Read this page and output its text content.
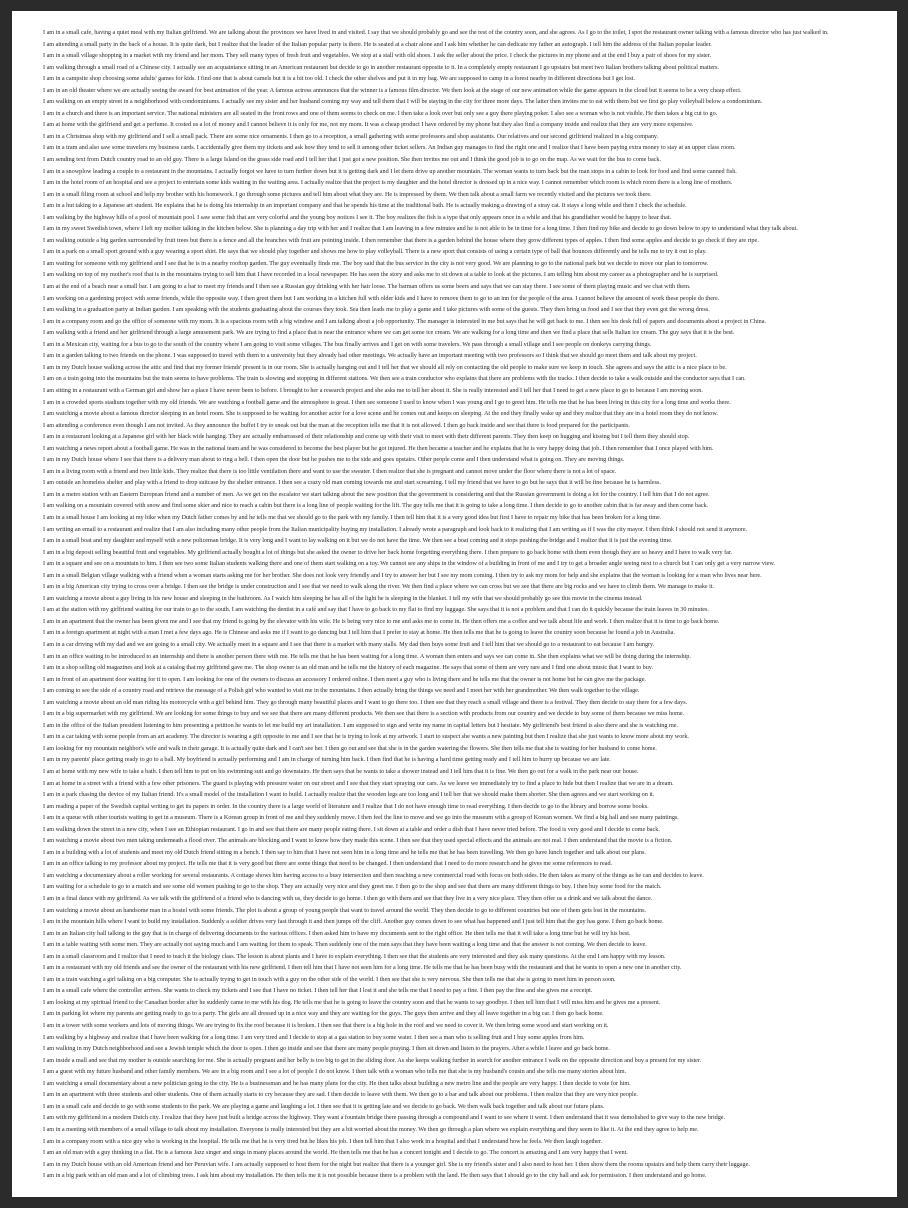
I am in a small cafe, having a quiet meal with my Italian girlfriend. We are talking about the provinces we have lived in and visited. I say that we should probably go and see the rest of the country soon, and she agrees. As I go to the toilet, I spot the restaurant owner talking with a famous director who has just walked in.
I am attending a small party in the back of a house. It is quite dark, but I realize that the leader of the Italian popular party is there. He is seated at a chair alone and I ask him whether he can dedicate my father an autograph. I tell him the address of the Italian popular leader.
I am in a small village shopping in a market with my friend and her mom. They sell many types of fresh fruit and vegetables. We stop at a stall with old shoes. I ask the seller about the price. I check the pictures in my phone and at the end I buy a pair of shoes for my sister.
I am walking through a small road of a Chinese city. I actually see an acquaintance sitting in an American restaurant but decide to go in another restaurant opposite to it. In a completely empty restaurant I go upstairs but meet two Italian brothers talking about political matters.
I am in a campsite shop choosing some adults' games for kids. I find one that is about camels but it is a bit too old. I check the other shelves and put it in my bag. We are supposed to camp in a forest nearby in different directions but I get lost.
I am in an old theater where we are actually seeing the award for best animation of the year. A famous actress announces that the winner is a famous film director. We then look at the stage of our new animation while the game appears in the cloud but it seems to be a very cheap effect.
I am walking on an empty street in a neighborhood with condominiums. I actually see my sister and her husband coming my way and tell them that I will be staying in the city for three more days. The latter then invites me to eat with them but we first go play volleyball below a condominium.
I am in a church and there is an important service. The national ministers are all seated in the front rows and one of them seems to check on me. I then take a look over but only see a guy there playing poker. I also see a woman who is not visible. He then takes a big cut to go.
I am at home with the girlfriend and get a perfume. It costed us a lot of money and I cannot believe it is only for me, not my mom. It was a cheap product I have ordered by my phone but they also find a company inside and realize that they are very more expensive.
I am in a Christmas shop with my girlfriend and I sell a small pack. There are some nice ornaments. I then go to a reception, a small gathering with some professors and shop assistants. Our relatives and our second girlfriend realized in a big company.
I am in a tram and also saw some travelers my business cards. I accidentally give them my tickets and ask how they tend to sell it among other ticket sellers. An Indian guy manages to find the right one and I realize that I have been paying extra money to stay at an upper class room.
I am sending text from Dutch country road to an old guy. There is a large Island on the grass side road and I tell her that I just got a new position. She then invites me out and I think the good job is to go on the map. As we wait for the bus to come back.
I am in a snowplow leading a couple to a restaurant in the mountains. I actually forgot we have to turn further down but it is getting dark and I let them drive up another mountain. The woman wants to turn back but the man stops in a cabin to look for food and find some canned fish.
I am in the hotel room of an hospital and see a project to entertain some kids waiting in the waiting area. I actually realize that the project is my daughter and the hotel director is dressed up in a nice way. I cannot remember which room is which room there is a long line of mothers.
I am in a small filing room at school and help my brother with his homework. I go through some pictures and tell him about what they are. He is impressed by them. We then talk about a small farm we recently visited and the pictures we took there.
I am in a hut taking to a Japanese art student. He explains that he is doing his internship in an important company and that he spends his time at the traditional bath. He is actually making a drawing of a stray cat. It stays a long while and then I check the schedule.
I am walking by the highway hills of a pool of mountain pool. I saw some fish that are very colorful and the young boy notices I see it. The boy realizes the fish is a type that only appears once in a while and that his grandfather would be happy to hear that.
I am in my sweet Swedish town, where I left my mother talking in the kitchen below. She is planning a day trip with her and I realize that I am leaving in a few minutes and he is not able to be in time for a long time. I then find my bike and decide to go down below to spy to understand what they talk about.
I am walking outside a big garden surrounded by fruit trees but there is a fence and all the branches with fruit are pointing inside. I then remember that there is a garden behind the house where they grow different types of apples. I then find some apples and decide to go check if they are ripe.
I am in a park on a small sport ground with a guy wearing a sport shirt. He says that we should play together and shows me how to play volleyball. There is a new sport that consists of using a certain type of ball that bounces differently and he tells me to try it out to play.
I am waiting for someone with my girlfriend and I see that he is in a nearby rooftop garden. The guy eventually finds me. The boy said that the bus service in the city is not very good. We are planning to go to the national park but we decide to move our plan to tomorrow.
I am walking on top of my mother's roof that is in the mountains trying to sell him that I have recorded in a local newspaper. He has seen the story and asks me to sit down at a table to look at the pictures. I am telling him about my career as a photographer and he is surprised.
I am at the end of a beach near a small bar. I am going to a bar to meet my friends and I then see a Russian guy drinking with her hair loose. The barman offers us some beers and says that we can stay there. I see some of them playing music and we chat with them.
I am working on a gardening project with some friends, while the opposite way. I then greet them but I am working in a kitchen full with older kids and I have to remove them to go to an inn for the people of the area. I cannot believe the amount of work these people do there.
I am walking in a graduation party at Indian garden. I am speaking with the students graduating about the courses they took. Sea then leads me to play a game and I take pictures with some of the guests. They then bring us food and I see that they even got the wrong dress.
I am in a company room and go the office of someone with my mom. It is a spacious room with a big window and I am talking about a job opportunity. The manager is interested in me but says that he will get back to me. I then see his desk full of papers and documents about a project in China.
I am walking with a friend and her girlfriend through a large amusement park. We are trying to find a place that is near the entrance where we can get some ice cream. We are walking for a long time and then we find a place that sells Italian ice cream. The guy says that it is the best.
I am in a Mexican city, waiting for a bus to go to the south of the country where I am going to visit some villages. The bus finally arrives and I get on with some travelers. We pass through a small village and I see people on donkeys carrying things.
I am in a garden talking to two friends on the phone. I was supposed to travel with them to a university but they already had other meetings. We actually have an important meeting with two professors so I think that we should go meet them and talk about my project.
I am in my Dutch house walking across the attic and find that my former friends' present is in our room. She is actually hanging out and I tell her that we should all rely on contacting the old people to make sure we keep in touch. She agrees and says the attic is a nice place to be.
I am on a train going into the mountains but the train seems to have problems. The train is slowing and stopping in different stations. We then see a train conductor who explains that there are problems with the tracks. I then decide to take a walk outside and the conductor says that I can.
I am sitting in a restaurant with a German girl and show her a place I have never been to before. I brought to her a research project and she asks me to tell her about it. She is really interested and I tell her that I need to get a new place to go to because I am moving soon.
I am in a crowded sports stadium together with my old friends. We are watching a football game and the atmosphere is great. I then see someone I used to know when I was young and I go to greet him. He tells me that he has been living in this city for a long time and works there.
I am watching a movie about a famous director sleeping in an hotel room. She is supposed to be waiting for another actor for a love scene and he comes out and keeps on sleeping. At the end they finally wake up and they realize that they are in a hotel room they do not know.
I am attending a conference even though I am not invited. As they announce the buffet I try to sneak out but the man at the reception tells me that it is not allowed. I then go back inside and see that there is food prepared for the participants.
I am in a restaurant looking at a Japanese girl with her black wide hanging. They are actually embarrassed of their relationship and come up with their visit to meet with their different parents. They then keep on hugging and kissing but I tell them they should stop.
I am watching a news report about a football game. He was in the national team and he was considered to become the best player but he got injured. He then became a teacher and he explains that he is very happy doing that job. I then remember that I once played with him.
I am in my Dutch house where I see that there is a delivery man about to ring a bell. I then open the door but he pushes me to the side and goes upstairs. Other people come and I then understand what is going on. They are moving things.
I am in a living room with a friend and two little kids. They realize that there is too little ventilation there and want to use the sweater. I then realize that she is pregnant and cannot move under the floor where there is not a lot of space.
I am outside an homeless shelter and play with a friend to drop suitcase by the shelter entrance. I then see a crazy old man coming towards me and start screaming. I tell my friend that we have to go but he says that it will be fine because he is harmless.
I am in a metro station with an Eastern European friend and a number of men. As we get on the escalator we start talking about the new position that the government is considering and that the Russian government is doing a lot for the country. I tell him that I do not agree.
I am walking on a mountain covered with snow and find some skier and nice to reach a cabin but there is a long line of people waiting for the lift. The guy tells me that it is going to take a long time. I then decide to go to another cabin that is far away and then come back.
I am in a small house I am looking at my bike when my Dutch father comes by and he tells me that we should go to the park with my family. I then tell him that it is a very good idea but first I have to repair my bike that has been broken for a long time.
I am writing an email to a restaurant and realize that I am also including many other people from the Italian municipality buying my installation. I already wrote a paragraph and look back to it realizing that I am writing as if I was the city mayor. I then think I should not send it anymore.
I am in a small boat and my daughter and myself with a new policeman bridge. It is very long and I want to lay walking on it but we do not have the time. We then see a boat coming and it stops pushing the bridge and I realize that it is just the evening time.
I am in a big deposit selling beautiful fruit and vegetables. My girlfriend actually bought a lot of things but she asked the owner to drive her back home forgetting everything there. I then prepare to go back home with them even though they are so heavy and I have to walk very far.
I am in a square and see on a mountain to him. I then see two some Italian students walking there and one of them start walking on a toy. We cannot see any ships in the window of a building in front of me and I try to get a broader angle seeing next to a church but I can only get a very narrow view.
I am in a small Belgian village walking with a friend when a woman starts asking me for her brother. She does not look very friendly and I try to answer her but I see my mom coming. I then try to ask my mom for help and she explains that the woman is looking for a man who lives near here.
I am in a big American city trying to cross over a bridge. I then see the bridge is under construction and I see that we need to walk along the river. We then find a place where we can cross but we see that there are big rocks and we have to climb them. We manage to make it.
I am watching a movie about a guy living in his new house and sleeping in the bathroom. As I watch him sleeping he has all of the light he is sleeping in the blanket. I tell my wife that we should probably go see this movie in the cinema instead.
I am at the station with my girlfriend waiting for our train to go to the south. I am watching the dentist in a café and say that I have to go back to my flat to find my luggage. She says that it is not a problem and that I can do it quickly because the train leaves in 30 minutes.
I am in an apartment that the owner has been given me and I see that my friend is going by the elevator with his wife. He is being very nice to me and asks me to come in. He then offers me a coffee and we talk about life and work. I then realize that it is time to go back home.
I am in a foreign apartment at night with a man I met a few days ago. He is Chinese and asks me if I want to go dancing but I tell him that I prefer to stay at home. He then tells me that he is going to leave the country soon because he found a job in Australia.
I am in a car driving with my dad and we are going to a small city. We actually meet in a square and I see that there is a market with many stalls. My dad then buys some fruit and I tell him that we should go to a restaurant to eat because I am hungry.
I am in an office waiting to be introduced to an internship and there is another person there with me. He tells me that he has been waiting for a long time. A woman then enters and says we can come in. She then explains what we will be doing during the internship.
I am in a shop selling old magazines and look at a catalog that my girlfriend gave me. The shop owner is an old man and he tells me the history of each magazine. He says that some of them are very rare and I find one about music that I want to buy.
I am in front of an apartment door waiting for it to open. I am looking for one of the owners to discuss an accessory I ordered online. I then meet a guy who is living there and he tells me that the owner is not home but he can give me the package.
I am coming to see the side of a country road and retrieve the message of a Polish girl who wanted to visit me in the mountains. I then actually bring the things we need and I meet her with her grandmother. We then walk together to the village.
I am watching a movie about an old man riding his motorcycle with a girl behind him. They go through many beautiful places and I want to go there too. I then see that they reach a small village and there is a festival. They then decide to stay there for a few days.
I am in a big supermarket with my girlfriend. We are looking for some things to buy and we see that there are many different products. We then see that there is a section with products from our country and we decide to buy some of them because we miss home.
I am in the office of the Italian president listening to him presenting a petition he wants to let me build my art installation. I am supposed to sign and write my name in capital letters but I hesitate. My girlfriend's best friend is also there and she is watching me.
I am in a car taking with some people from an art academy. The director is wearing a gift opposite to me and I see that he is trying to look at my artwork. I start to suspect she wants a new painting but then I realize that she just wants to know more about my work.
I am looking for my mountain neighbor's wife and walk in their garage. It is actually quite dark and I can't see her. I then go out and see that she is in the garden watering the flowers. She then tells me that she is waiting for her husband to come home.
I am in my parents' place getting ready to go to a ball. My boyfriend is actually performing and I am in charge of turning him back. I then find that he is having a hard time getting ready and I tell him to hurry up because we are late.
I am at home with my new wife to take a bath. I then tell him to put on his swimming suit and go downstairs. He then says that he wants to take a shower instead and I tell him that it is fine. We then go out for a walk in the park near our house.
I am at home in a street with a friend with a few other prisoners. The guard is playing with pressure water on our street and I see that they start spraying our cars. As we leave we immediately try to find a place to hide but then I realize that we are in a dream.
I am in a park chasing the device of my Italian friend. It's a small model of the installation I want to build. I actually realize that the wooden legs are too long and I tell her that we should make them shorter. She then agrees and we start working on it.
I am reading a paper of the Swedish capital writing to get its papers in order. In the country there is a large world of literature and I realize that I do not have enough time to read everything. I then decide to go to the library and borrow some books.
I am in a queue with other tourists waiting to get in a museum. There is a Korean group in front of me and they suddenly move. I then feel the line to move and we go into the museum with a group of Korean women. We find a big hall and see many paintings.
I am walking down the street in a new city, when I see an Ethiopian restaurant. I go in and see that there are many people eating there. I sit down at a table and order a dish that I have never tried before. The food is very good and I decide to come back.
I am watching a movie about two men taking underneath a flood river. The animals are blocking and I want to know how they made this scene. I then see that they used special effects and the animals are not real. I then understand that the movie is a fiction.
I am in a building with a lot of students and meet my old Dutch friend sitting in a bench. I then say to him that I have not seen him in a long time and he tells me that he has been travelling. We then go have lunch together and talk about our plans.
I am in an office talking to my professor about my project. He tells me that it is very good but there are some things that need to be changed. I then understand that I need to do more research and he gives me some references to read.
I am watching a documentary about a roller working for several restaurants. A cottage shows him having access to a busy intersection and then reaching a new commercial road with focus on both sides. He then takes as many of the things as he can and decides to leave.
I am waiting for a schedule to go to a match and see some old women pushing to go to the shop. They are actually very nice and they greet me. I then go to the shop and see that there are many different things to buy. I then buy some food for the match.
I am in a final dance with my girlfriend. As we talk with the girlfriend of a friend who is dancing with us, they decide to go home. I then go with them and see that they live in a very nice place. They then offer us a drink and we talk about the dance.
I am watching a movie about an handsome man in a hostel with some friends. The plot is about a group of young people that want to travel around the world. They then decide to go to different countries but one of them gets lost in the mountains.
I am in the mountain hills where I want to build my installation. Suddenly a soldier drives very fast through it and then jumps off the cliff. Another guy comes down to see what has happened and I just tell him that the guy has gone. I then go back home.
I am in an Italian city hall talking to the guy that is in charge of delivering documents to the various offices. I then asked him to have my documents sent to the right office. He then tells me that it will take a long time but he will try his best.
I am in a table waiting with some men. They are actually not saying much and I am waiting for them to speak. Then suddenly one of the men says that they have been waiting a long time and that the answer is not coming. We then decide to leave.
I am in a small classroom and I realize that I need to teach it the biology class. The lesson is about plants and I have to explain everything. I then see that the students are very interested and they ask many questions. At the end I am happy with my lesson.
I am in a restaurant with my old friends and see the owner of the restaurant with his new girlfriend. I then tell him that I have not seen him for a long time. He tells me that he has been busy with the restaurant and that he wants to open a new one in another city.
I am in a train watching a girl talking on a big computer. She is actually trying to get in touch with a guy on the other side of the world. I then see that she is very nervous. She then tells me that she is going to meet him in person soon.
I am in a small cafe where the controller arrives. She wants to check my tickets and I see that I have no ticket. I then tell her that I lost it and she tells me that I need to pay a fine. I then pay the fine and she gives me a receipt.
I am looking at my spiritual friend to the Canadian border after he suddenly came to me with his dog. He tells me that he is going to leave the country soon and that he wants to say goodbye. I then tell him that I will miss him and he gives me a present.
I am in parking lot where my parents are getting ready to go to a party. The girls are all dressed up in a nice way and they are waiting for the guys. The guys then arrive and they all leave together in a big car. I then go back home.
I am in a tower with some workers and lots of moving things. We are trying to fix the roof because it is broken. I then see that there is a big hole in the roof and we need to cover it. We then bring some wood and start working on it.
I am walking by a highway and realize that I have been walking for a long time. I am very tired and I decide to stop at a gas station to buy some water. I then see a man who is selling fruit and I buy some apples from him.
I am walking in my Dutch neighborhood and see a Jewish temple which the door is open. I then go inside and see that there are many people praying. I then sit down and listen to the prayers. After a while I leave and go back home.
I am inside a mall and see that my mother is outside searching for me. She is actually pregnant and her belly is too big to get in the sliding door. As she keeps walking further in search for another entrance I walk on the opposite direction and buy a present for my sister.
I am a guest with my future husband and other family members. We are in a big room and I see a lot of people I do not know. I then talk with a woman who tells me that she is my husband's cousin and she tells me many stories about him.
I am watching a small documentary about a new politician going to the city. He is a businessman and he has many plans for the city. He then talks about building a new metro line and the people are very happy. I then decide to vote for him.
I am in an apartment with three students and other students. One of them actually starts to cry because they are sad. I then decide to leave with them. We then go to a bar and talk about our problems. I then realize that they are very nice people.
I am in a small cafe and decide to go with some students to the park. We are playing a game and laughing a lot. I then see that it is getting late and we decide to go back. We then walk back together and talk about our future plans.
I am with my girlfriend in a modern Dutch city. I realize that they have just built a bridge across the highway. They want a fountain bridge there passing through a compound and I want to see where it went. I then understand that it was demolished to give way to the new bridge.
I am in a meeting with members of a small village to talk about my installation. Everyone is really interested but they are a bit worried about the money. We then go through a plan where we explain everything and they seem to like it. At the end they agree to help me.
I am in a company room with a nice guy who is working in the hospital. He tells me that he is very tired but he likes his job. I then tell him that I also work in a hospital and that I understand how he feels. We then laugh together.
I am an old man with a guy thinking in a flat. He is a famous Jazz singer and sings in many places around the world. He then tells me that he has a concert tonight and I decide to go. The concert is amazing and I am very happy that I went.
I am in my Dutch house with an old American friend and her Peruvian wife. I am actually supposed to host them for the night but realize that there is a younger girl. She is my friend's sister and I also need to host her. I then show them the rooms upstairs and help them carry their luggage.
I am in a big park with an old man and a lot of climbing trees. I ask him about my installation. He then tells me it is not possible because there is a problem with the land. He then says that I should go to the city hall and ask for permission. I then understand and go home.
